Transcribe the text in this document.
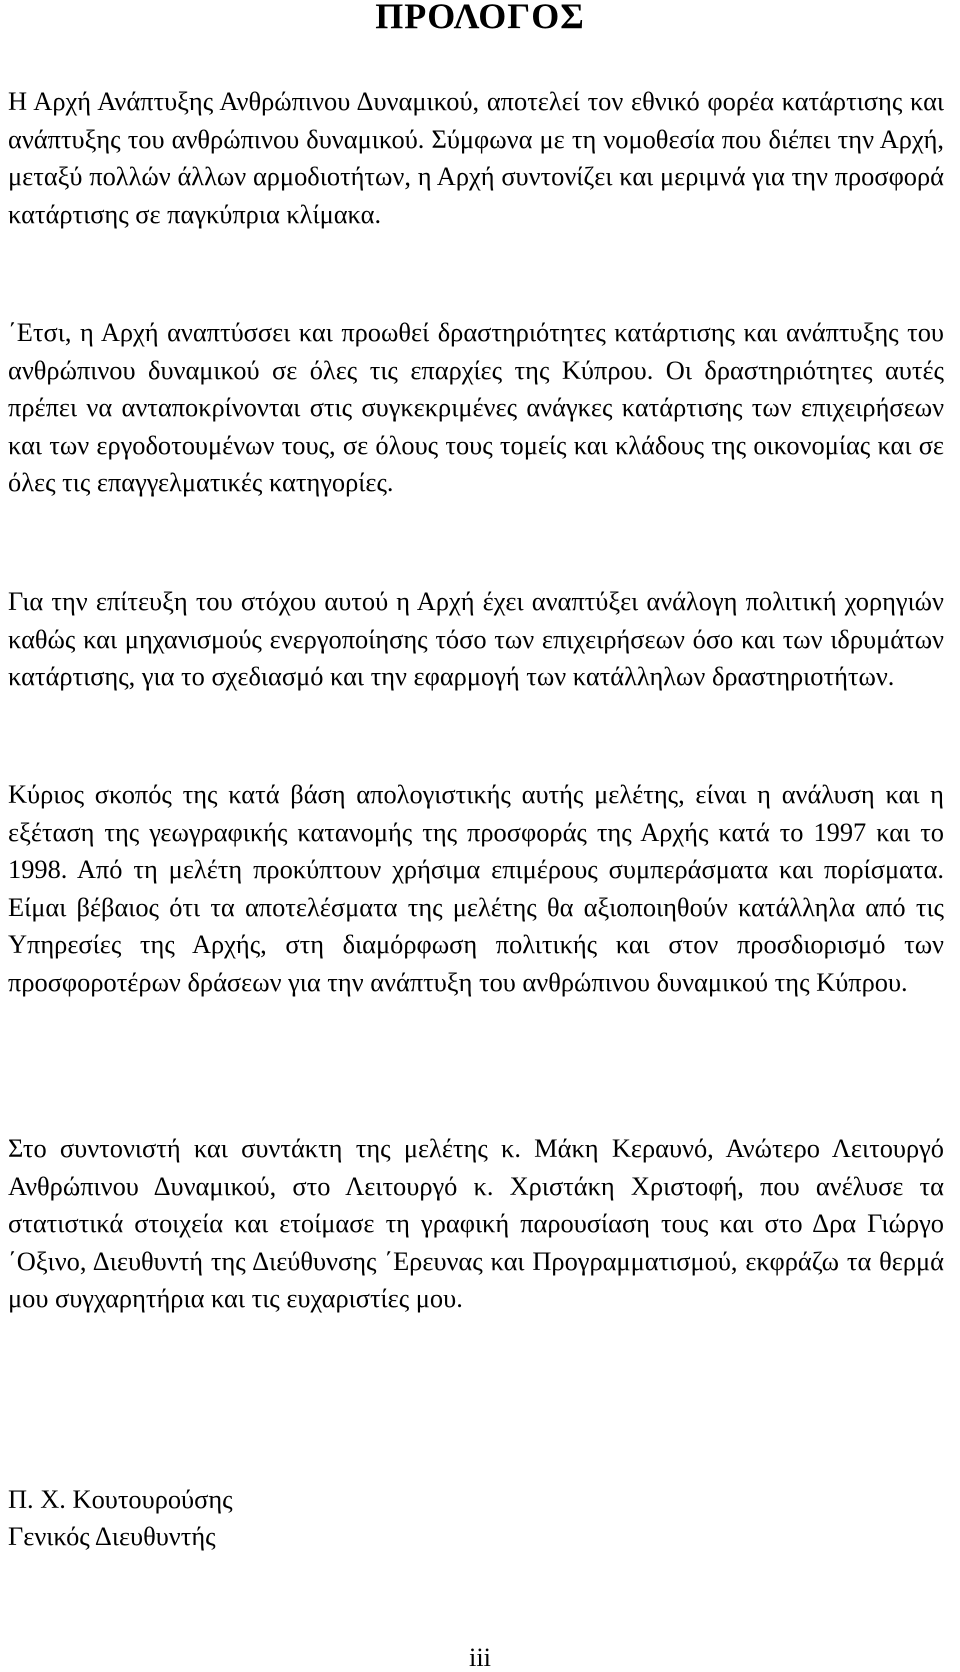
ΠΡΟΛΟΓΟΣ

Η Αρχή Ανάπτυξης Ανθρώπινου Δυναμικού, αποτελεί τον εθνικό φορέα κατάρτισης και ανάπτυξης του ανθρώπινου δυναμικού. Σύμφωνα με τη νομοθεσία που διέπει την Αρχή, μεταξύ πολλών άλλων αρμοδιοτήτων, η Αρχή συντονίζει και μεριμνά για την προσφορά κατάρτισης σε παγκύπρια κλίμακα.

΄Ετσι, η Αρχή αναπτύσσει και προωθεί δραστηριότητες κατάρτισης και ανάπτυξης του ανθρώπινου δυναμικού σε όλες τις επαρχίες της Κύπρου. Οι δραστηριότητες αυτές πρέπει να ανταποκρίνονται στις συγκεκριμένες ανάγκες κατάρτισης των επιχειρήσεων και των εργοδοτουμένων τους, σε όλους τους τομείς και κλάδους της οικονομίας και σε όλες τις επαγγελματικές κατηγορίες.

Για την επίτευξη του στόχου αυτού η Αρχή έχει αναπτύξει ανάλογη πολιτική χορηγιών καθώς και μηχανισμούς ενεργοποίησης τόσο των επιχειρήσεων όσο και των ιδρυμάτων κατάρτισης, για το σχεδιασμό και την εφαρμογή των κατάλληλων δραστηριοτήτων.

Κύριος σκοπός της κατά βάση απολογιστικής αυτής μελέτης, είναι η ανάλυση και η εξέταση της γεωγραφικής κατανομής της προσφοράς της Αρχής κατά το 1997 και το 1998. Από τη μελέτη προκύπτουν χρήσιμα επιμέρους συμπεράσματα και πορίσματα. Είμαι βέβαιος ότι τα αποτελέσματα της μελέτης θα αξιοποιηθούν κατάλληλα από τις Υπηρεσίες της Αρχής, στη διαμόρφωση πολιτικής και στον προσδιορισμό των προσφοροτέρων δράσεων για την ανάπτυξη του ανθρώπινου δυναμικού της Κύπρου.

Στο συντονιστή και συντάκτη της μελέτης κ. Μάκη Κεραυνό, Ανώτερο Λειτουργό Ανθρώπινου Δυναμικού, στο Λειτουργό κ. Χριστάκη Χριστοφή, που ανέλυσε τα στατιστικά στοιχεία και ετοίμασε τη γραφική παρουσίαση τους και στο Δρα Γιώργο ΄Οξινο, Διευθυντή της Διεύθυνσης ΄Ερευνας και Προγραμματισμού, εκφράζω τα θερμά μου συγχαρητήρια και τις ευχαριστίες μου.

Π. Χ. Κουτουρούσης

Γενικός Διευθυντής

iii
